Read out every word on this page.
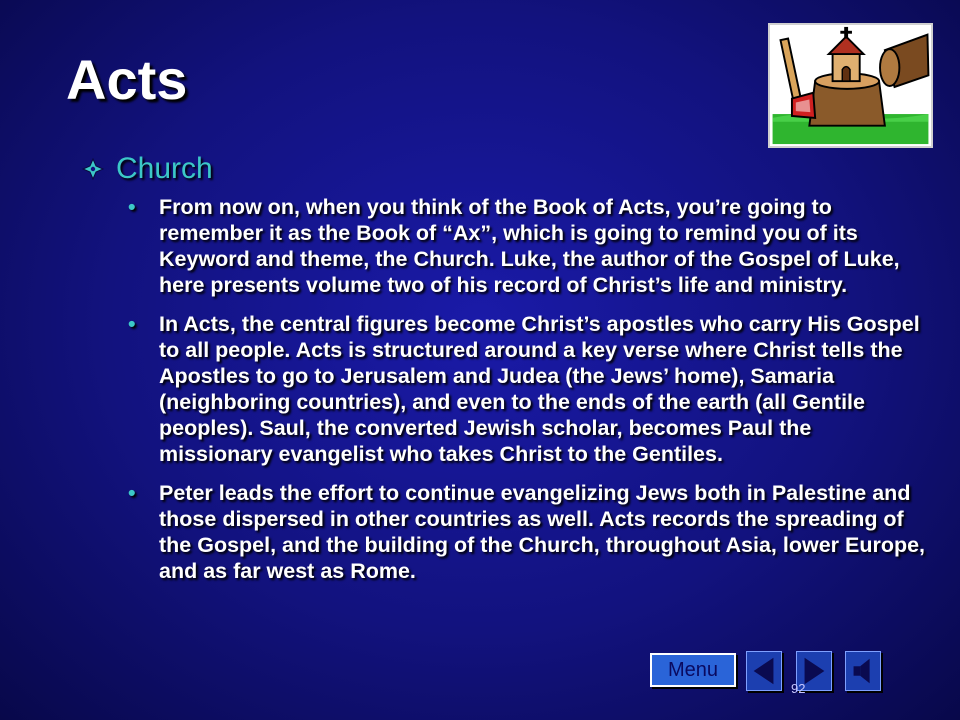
Acts
Church
• From now on, when you think of the Book of Acts, you’re going to remember it as the Book of “Ax”, which is going to remind you of its Keyword and theme, the Church. Luke, the author of the Gospel of Luke, here presents volume two of his record of Christ’s life and ministry.
• In Acts, the central figures become Christ’s apostles who carry His Gospel to all people. Acts is structured around a key verse where Christ tells the Apostles to go to Jerusalem and Judea (the Jews’ home), Samaria (neighboring countries), and even to the ends of the earth (all Gentile peoples). Saul, the converted Jewish scholar, becomes Paul the missionary evangelist who takes Christ to the Gentiles.
• Peter leads the effort to continue evangelizing Jews both in Palestine and those dispersed in other countries as well. Acts records the spreading of the Gospel, and the building of the Church, throughout Asia, lower Europe, and as far west as Rome.
Menu
92
